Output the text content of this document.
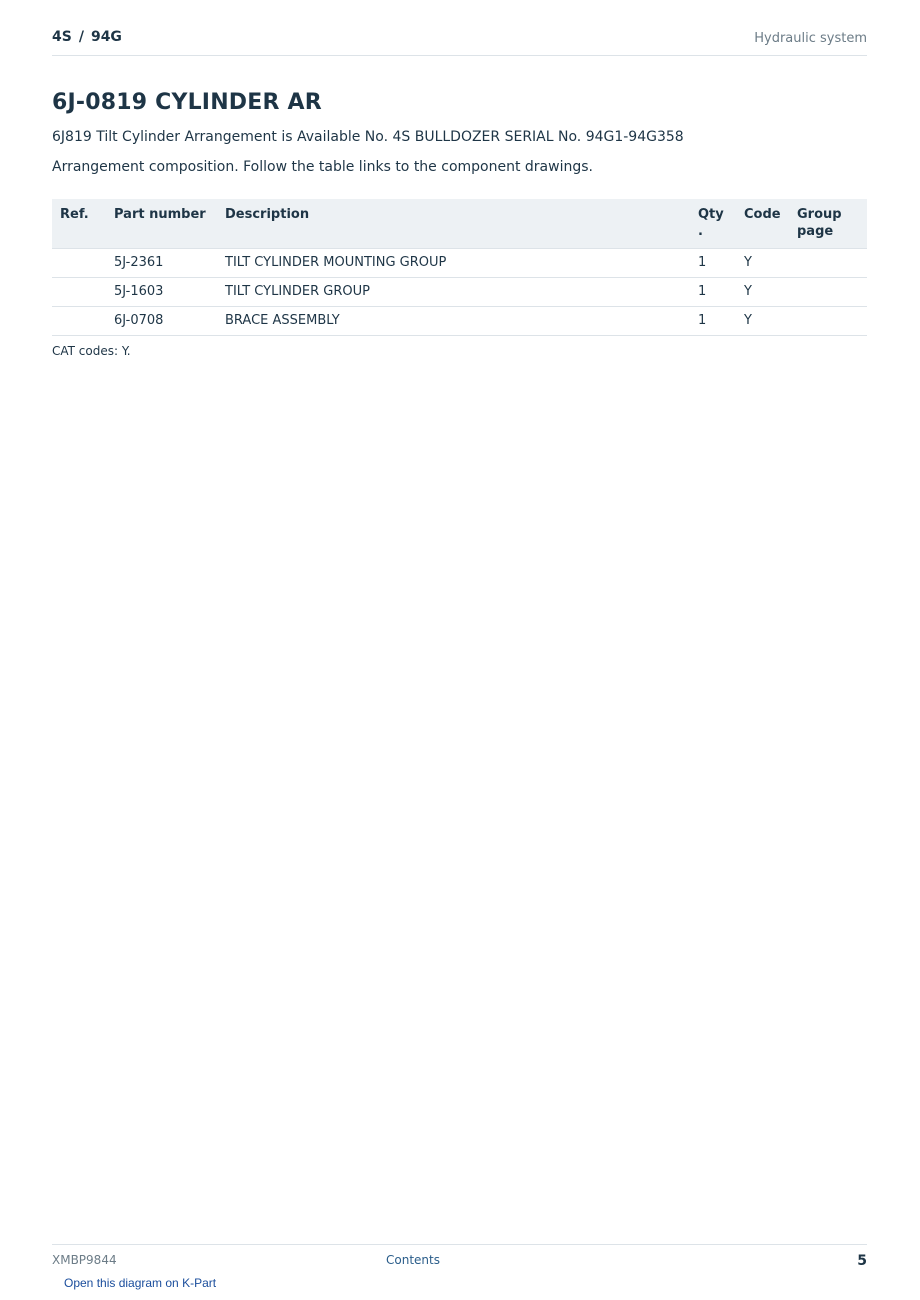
4S / 94G	Hydraulic system
6J-0819 CYLINDER AR
6J819 Tilt Cylinder Arrangement is Available No. 4S BULLDOZER SERIAL No. 94G1-94G358
Arrangement composition. Follow the table links to the component drawings.
Ref.	Part number	Description	Qty .	Code	Group page

	5J-2361	TILT CYLINDER MOUNTING GROUP	1	Y	
	5J-1603	TILT CYLINDER GROUP	1	Y	
	6J-0708	BRACE ASSEMBLY	1	Y	
CAT codes: Y.
XMBP9844	Contents	5
Open this diagram on K-Part
